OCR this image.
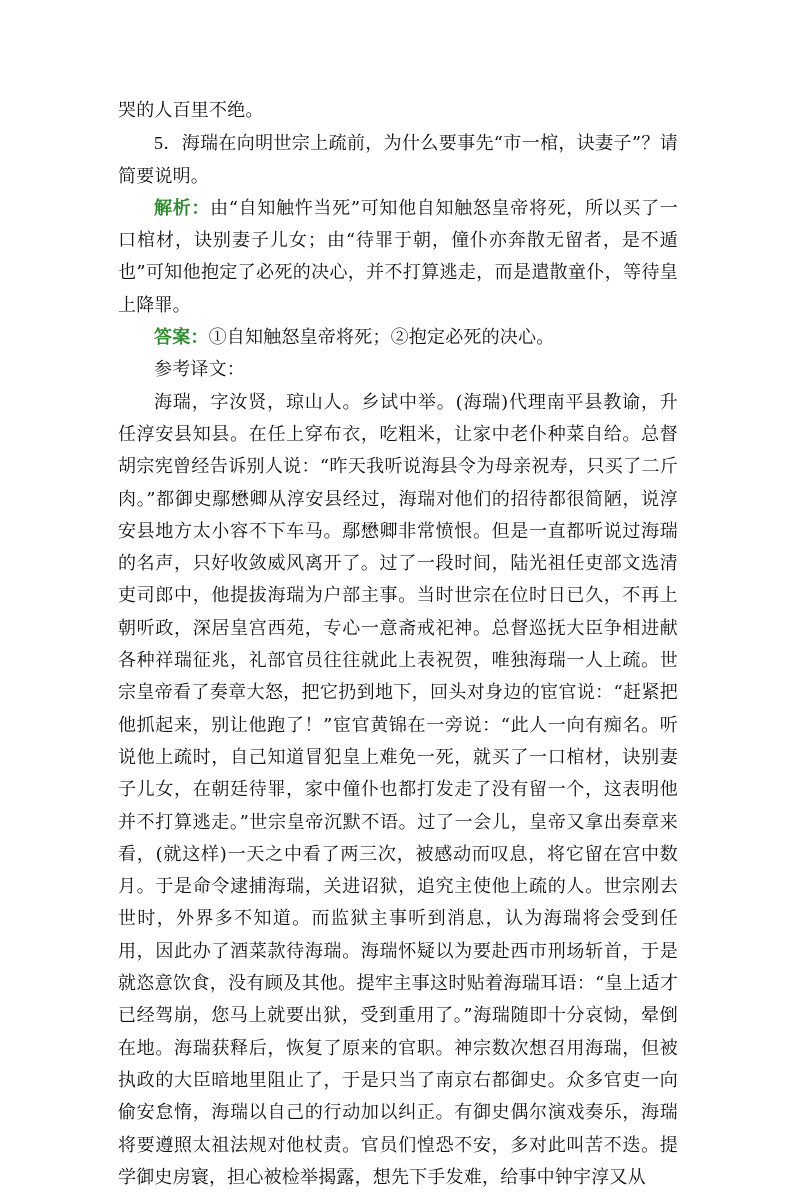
哭的人百里不绝。

5．海瑞在向明世宗上疏前，为什么要事先“市一棺，诀妻子”？请简要说明。

解析：由“自知触忤当死”可知他自知触怒皇帝将死，所以买了一口棺材，诀别妻子儿女；由“待罪于朝，僮仆亦奔散无留者，是不遁也”可知他抱定了必死的决心，并不打算逃走，而是遣散童仆，等待皇上降罪。

答案：①自知触怒皇帝将死；②抱定必死的决心。

参考译文：

海瑞，字汝贤，琼山人。乡试中举。(海瑞)代理南平县教谕，升任淳安县知县。在任上穿布衣，吃粗米，让家中老仆种菜自给。总督胡宗宪曾经告诉别人说：“昨天我听说海县令为母亲祝寿，只买了二斤肉。”都御史鄢懋卿从淳安县经过，海瑞对他们的招待都很简陋，说淳安县地方太小容不下车马。鄢懋卿非常愤恨。但是一直都听说过海瑞的名声，只好收敛威风离开了。过了一段时间，陆光祖任吏部文选清吏司郎中，他提拔海瑞为户部主事。当时世宗在位时日已久，不再上朝听政，深居皇宫西苑，专心一意斋戒祀神。总督巡抚大臣争相进献各种祥瑞征兆，礼部官员往往就此上表祝贺，唯独海瑞一人上疏。世宗皇帝看了奏章大怒，把它扔到地下，回头对身边的宦官说：“赶紧把他抓起来，别让他跑了！”宦官黄锦在一旁说：“此人一向有痴名。听说他上疏时，自己知道冒犯皇上难免一死，就买了一口棺材，诀别妻子儿女，在朝廷待罪，家中僮仆也都打发走了没有留一个，这表明他并不打算逃走。”世宗皇帝沉默不语。过了一会儿，皇帝又拿出奏章来看，(就这样)一天之中看了两三次，被感动而叹息，将它留在宫中数月。于是命令逮捕海瑞，关进诏狱，追究主使他上疏的人。世宗刚去世时，外界多不知道。而监狱主事听到消息，认为海瑞将会受到任用，因此办了酒菜款待海瑞。海瑞怀疑以为要赴西市刑场斩首，于是就恣意饮食，没有顾及其他。提牢主事这时贴着海瑞耳语：“皇上适才已经驾崩，您马上就要出狱，受到重用了。”海瑞随即十分哀恸，晕倒在地。海瑞获释后，恢复了原来的官职。神宗数次想召用海瑞，但被执政的大臣暗地里阻止了，于是只当了南京右都御史。众多官吏一向偷安怠惰，海瑞以自己的行动加以纠正。有御史偶尔演戏奏乐，海瑞将要遵照太祖法规对他杖责。官员们惶恐不安，多对此叫苦不迭。提学御史房寰，担心被检举揭露，想先下手发难，给事中钟宇淳又从
